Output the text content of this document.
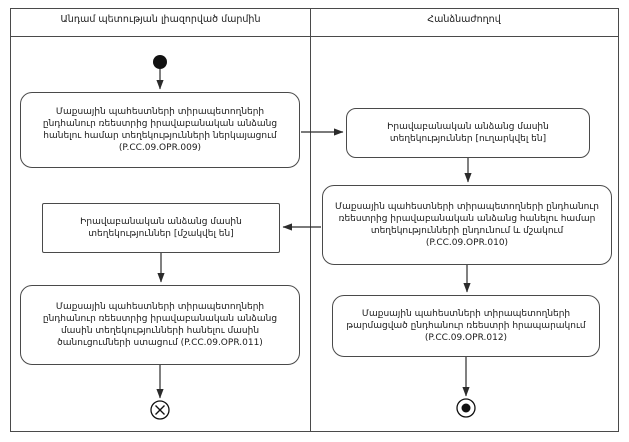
Անդամ պետության լիազորված մարմին	Հանձնաժողով
Մաքսային պահեստների տիրապետողների ընդհանուր ռեեստրից իրավաբանական անձանց հանելու համար տեղեկությունների ներկայացում (P.CC.09.OPR.009)
Իրավաբանական անձանց մասին տեղեկություններ [ուղարկվել են]
Մաքսային պահեստների տիրապետողների ընդհանուր ռեեստրից իրավաբանական անձանց հանելու համար տեղեկությունների ընդունում և մշակում (P.CC.09.OPR.010)
Իրավաբանական անձանց մասին տեղեկություններ [մշակվել են]
Մաքսային պահեստների տիրապետողների ընդհանուր ռեեստրից իրավաբանական անձանց մասին տեղեկությունների հանելու մասին ծանուցումների ստացում (P.CC.09.OPR.011)
Մաքսային պահեստների տիրապետողների թարմացված ընդհանուր ռեեստրի հրապարակում (P.CC.09.OPR.012)
